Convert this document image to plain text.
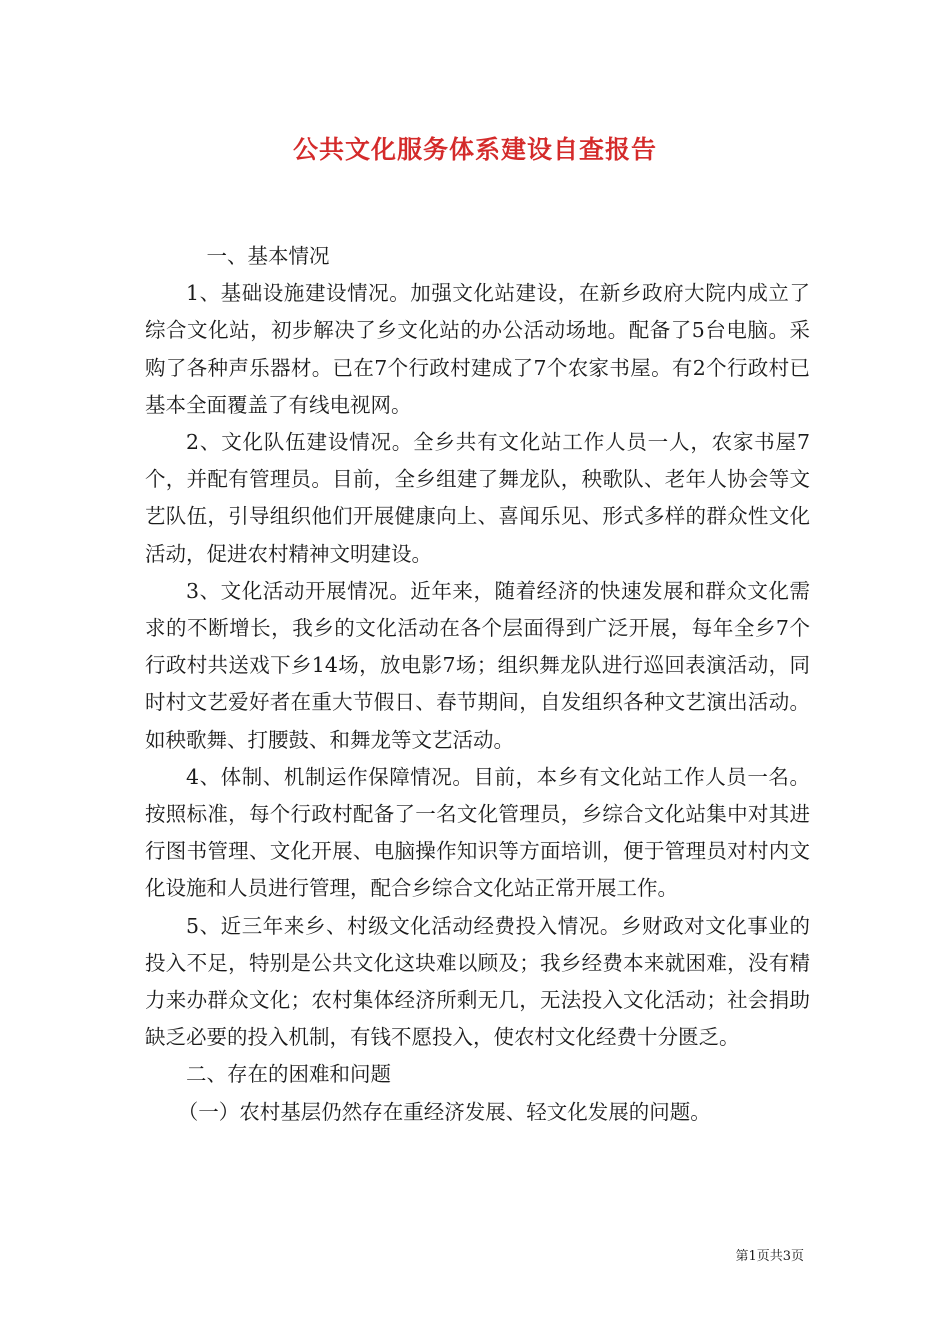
公共文化服务体系建设自查报告

一、基本情况

1、基础设施建设情况。加强文化站建设，在新乡政府大院内成立了综合文化站，初步解决了乡文化站的办公活动场地。配备了5台电脑。采购了各种声乐器材。已在7个行政村建成了7个农家书屋。有2个行政村已基本全面覆盖了有线电视网。

2、文化队伍建设情况。全乡共有文化站工作人员一人，农家书屋7个，并配有管理员。目前，全乡组建了舞龙队，秧歌队、老年人协会等文艺队伍，引导组织他们开展健康向上、喜闻乐见、形式多样的群众性文化活动，促进农村精神文明建设。

3、文化活动开展情况。近年来，随着经济的快速发展和群众文化需求的不断增长，我乡的文化活动在各个层面得到广泛开展，每年全乡7个行政村共送戏下乡14场，放电影7场；组织舞龙队进行巡回表演活动，同时村文艺爱好者在重大节假日、春节期间，自发组织各种文艺演出活动。如秧歌舞、打腰鼓、和舞龙等文艺活动。

4、体制、机制运作保障情况。目前，本乡有文化站工作人员一名。按照标准，每个行政村配备了一名文化管理员，乡综合文化站集中对其进行图书管理、文化开展、电脑操作知识等方面培训，便于管理员对村内文化设施和人员进行管理，配合乡综合文化站正常开展工作。

5、近三年来乡、村级文化活动经费投入情况。乡财政对文化事业的投入不足，特别是公共文化这块难以顾及；我乡经费本来就困难，没有精力来办群众文化；农村集体经济所剩无几，无法投入文化活动；社会捐助缺乏必要的投入机制，有钱不愿投入，使农村文化经费十分匮乏。

二、存在的困难和问题

（一）农村基层仍然存在重经济发展、轻文化发展的问题。

第1页共3页
